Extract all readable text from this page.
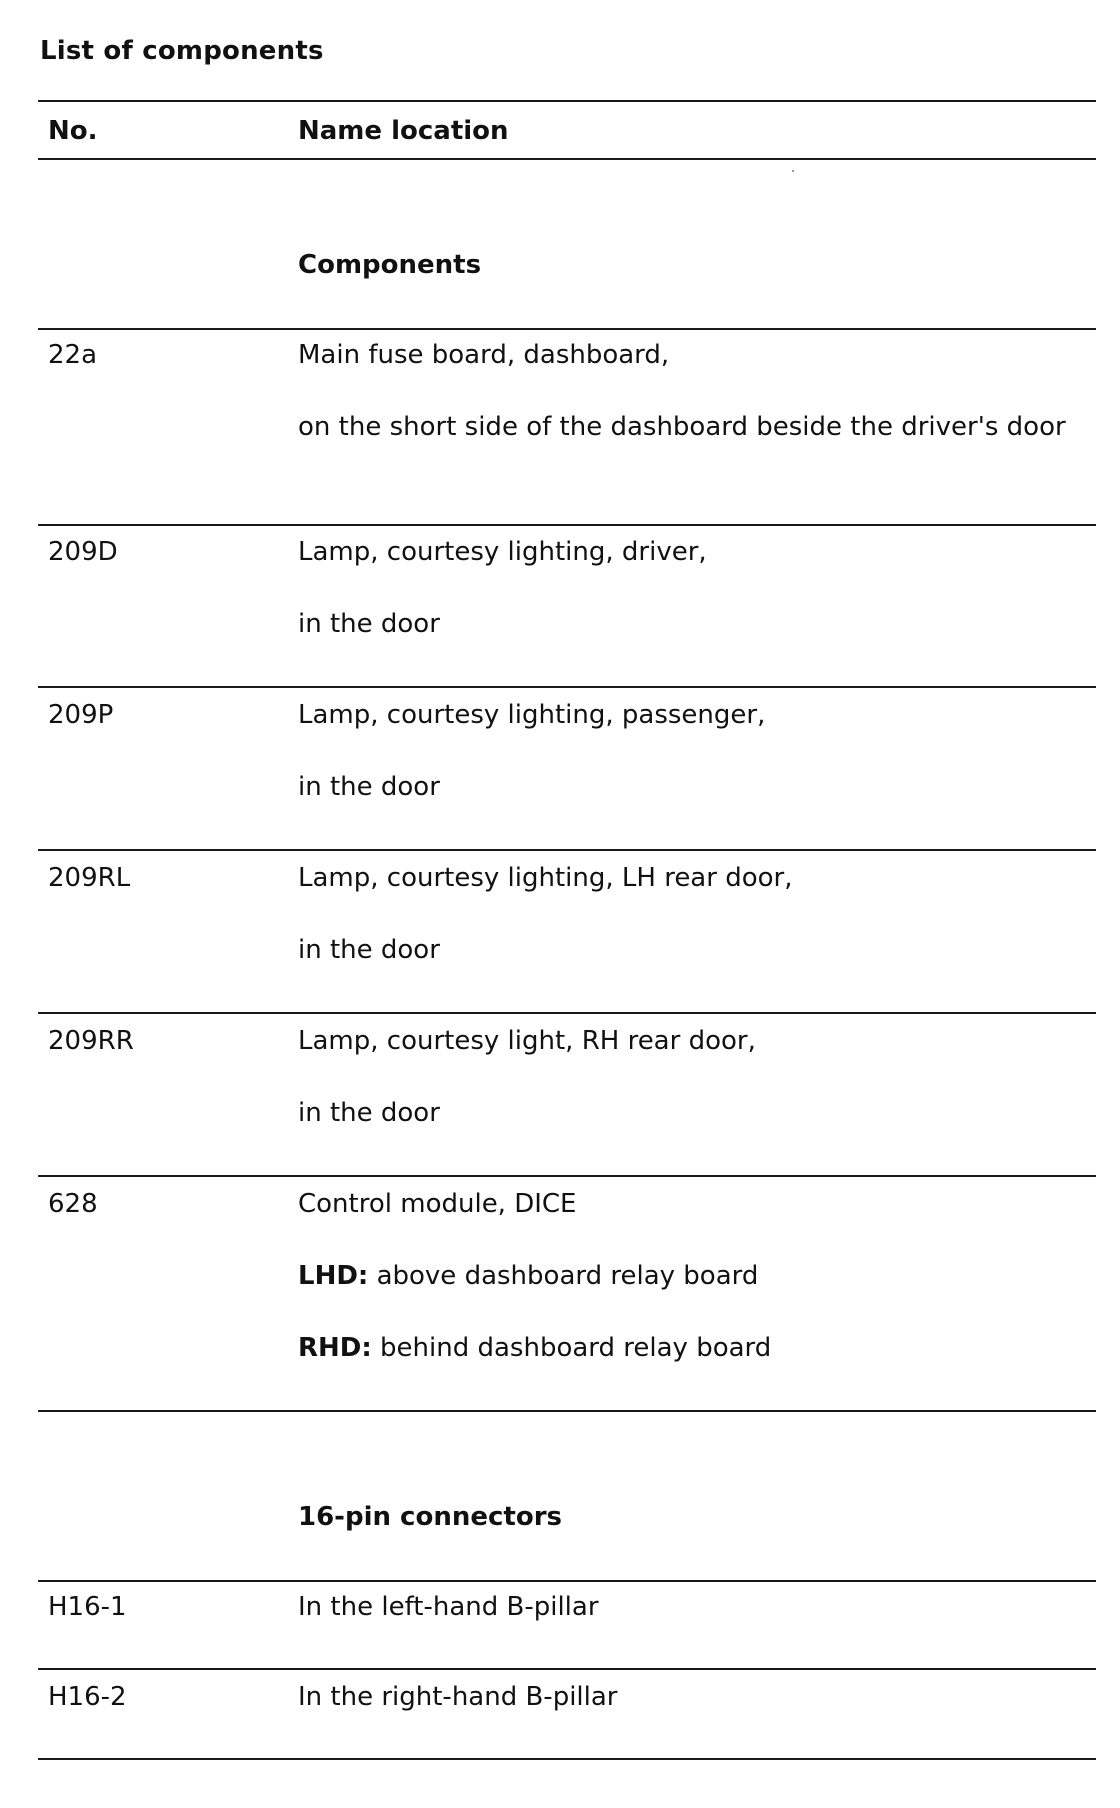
List of components
No.	Name location
Components
22a	Main fuse board, dashboard,
on the short side of the dashboard beside the driver's door
209D	Lamp, courtesy lighting, driver,
in the door
209P	Lamp, courtesy lighting, passenger,
in the door
209RL	Lamp, courtesy lighting, LH rear door,
in the door
209RR	Lamp, courtesy light, RH rear door,
in the door
628	Control module, DICE
LHD: above dashboard relay board
RHD: behind dashboard relay board
16-pin connectors
H16-1	In the left-hand B-pillar
H16-2	In the right-hand B-pillar
